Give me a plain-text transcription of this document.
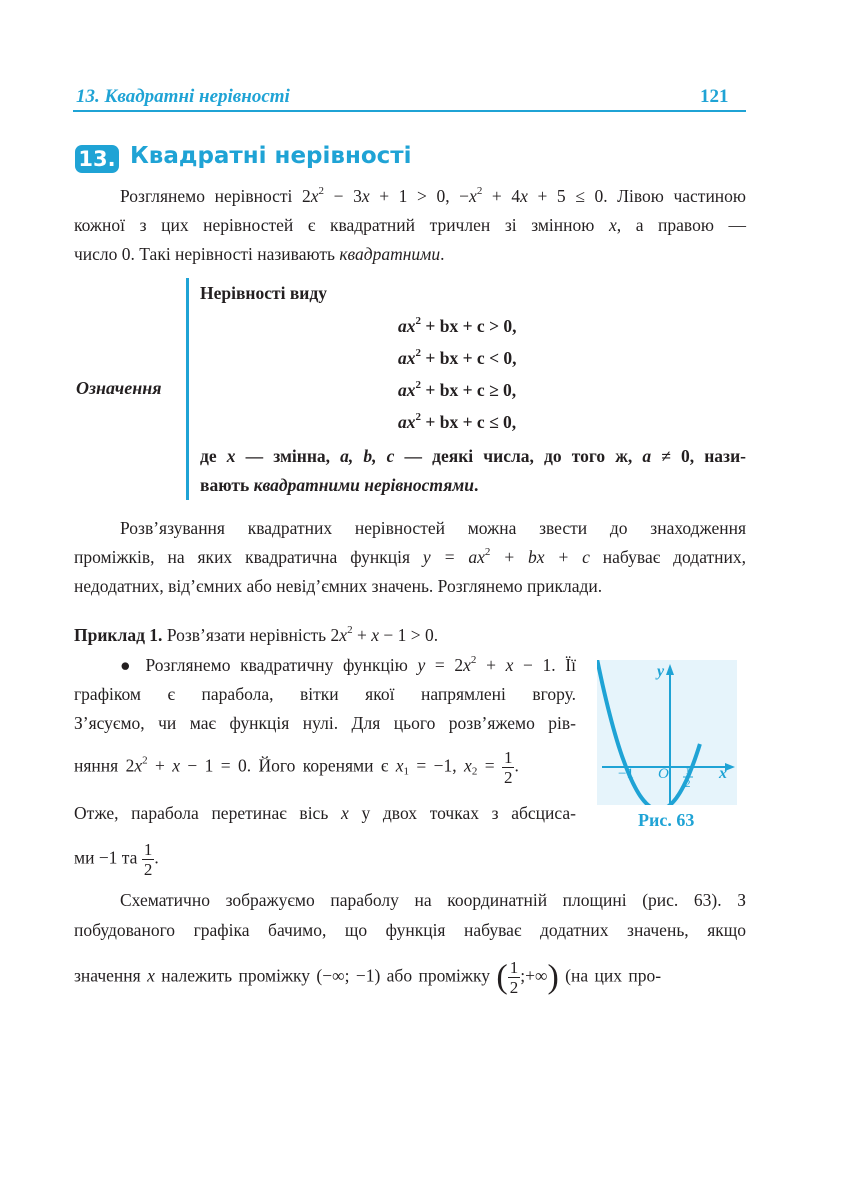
13. Квадратні нерівності	121
13. Квадратні нерівності
Розглянемо нерівності $2x^2 - 3x + 1 > 0$, $-x^2 + 4x + 5 \le 0$. Лівою частиною
кожної з цих нерівностей є квадратний тричлен зі змінною x, а правою —
число 0. Такі нерівності називають квадратними.
Означення
Нерівності виду
$ax^2$ + bx + c > 0,
$ax^2$ + bx + c < 0,
$ax^2$ + bx + c ≥ 0,
$ax^2$ + bx + c ≤ 0,
де x — змінна, a, b, c — деякі числа, до того ж, a ≠ 0, нази-
вають квадратними нерівностями.
Розв’язування квадратних нерівностей можна звести до знаходження
проміжків, на яких квадратична функція $y = ax^2$ + bx + c набуває додатних,
недодатних, від’ємних або невід’ємних значень. Розглянемо приклади.
Приклад 1. Розв’язати нерівність $2x^2 + x - 1 > 0$.
● Розглянемо квадратичну функцію $y = 2x^2 + x - 1$. Її
графіком є парабола, вітки якої напрямлені вгору.
З’ясуємо, чи має функція нулі. Для цього розв’яжемо рів-
няння $2x^2 + x - 1 = 0$. Його коренями є $x_1 = -1$, $x_2 = \frac{1}{2}$ .
Отже, парабола перетинає вісь x у двох точках з абсциса-
ми −1 та $\frac{1}{2}$ .
y
x
O
−1	1
2
Рис. 63
Схематично зображуємо параболу на координатній площині (рис. 63). З
побудованого графіка бачимо, що функція набуває додатних значень, якщо
значення x належить проміжку (−∞; −1) або проміжку ( $\frac{1}{2}$ ;+∞) (на цих про-
